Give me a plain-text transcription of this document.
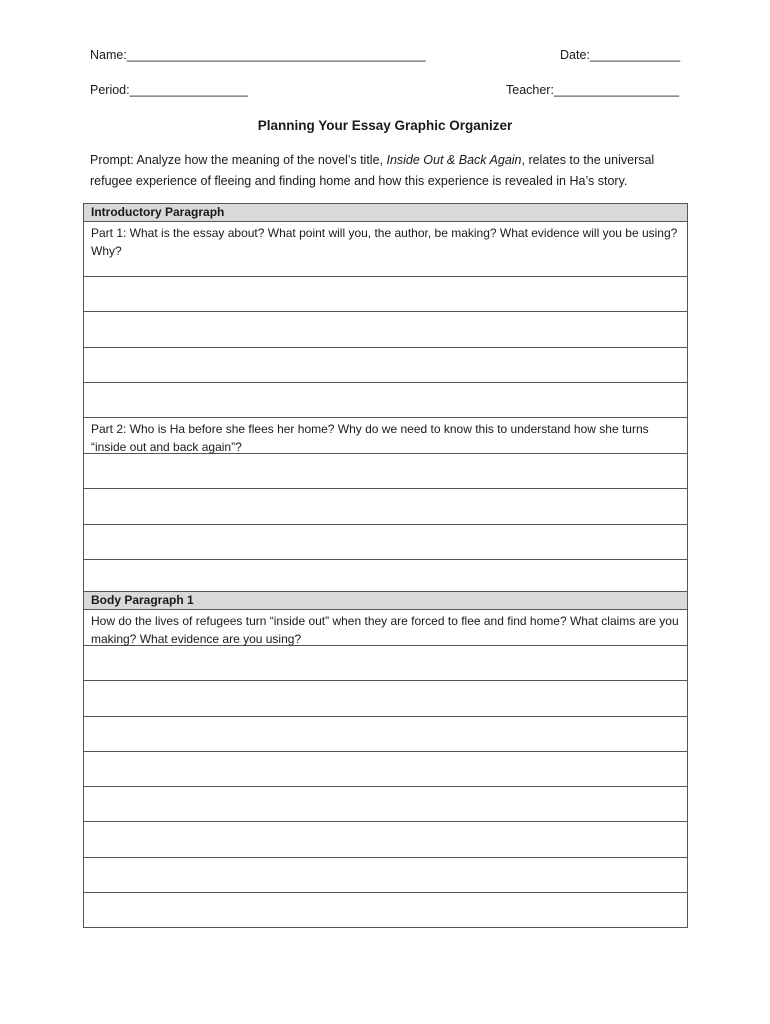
Name:___________________________________________	Date:_____________
Period:_________________	Teacher:__________________
Planning Your Essay Graphic Organizer
Prompt: Analyze how the meaning of the novel’s title, Inside Out & Back Again, relates to the universal refugee experience of fleeing and finding home and how this experience is revealed in Ha’s story.
Introductory Paragraph
Part 1: What is the essay about? What point will you, the author, be making? What evidence will you be using? Why?
Part 2: Who is Ha before she flees her home? Why do we need to know this to understand how she turns “inside out and back again”?
Body Paragraph 1
How do the lives of refugees turn “inside out” when they are forced to flee and find home? What claims are you making? What evidence are you using?
